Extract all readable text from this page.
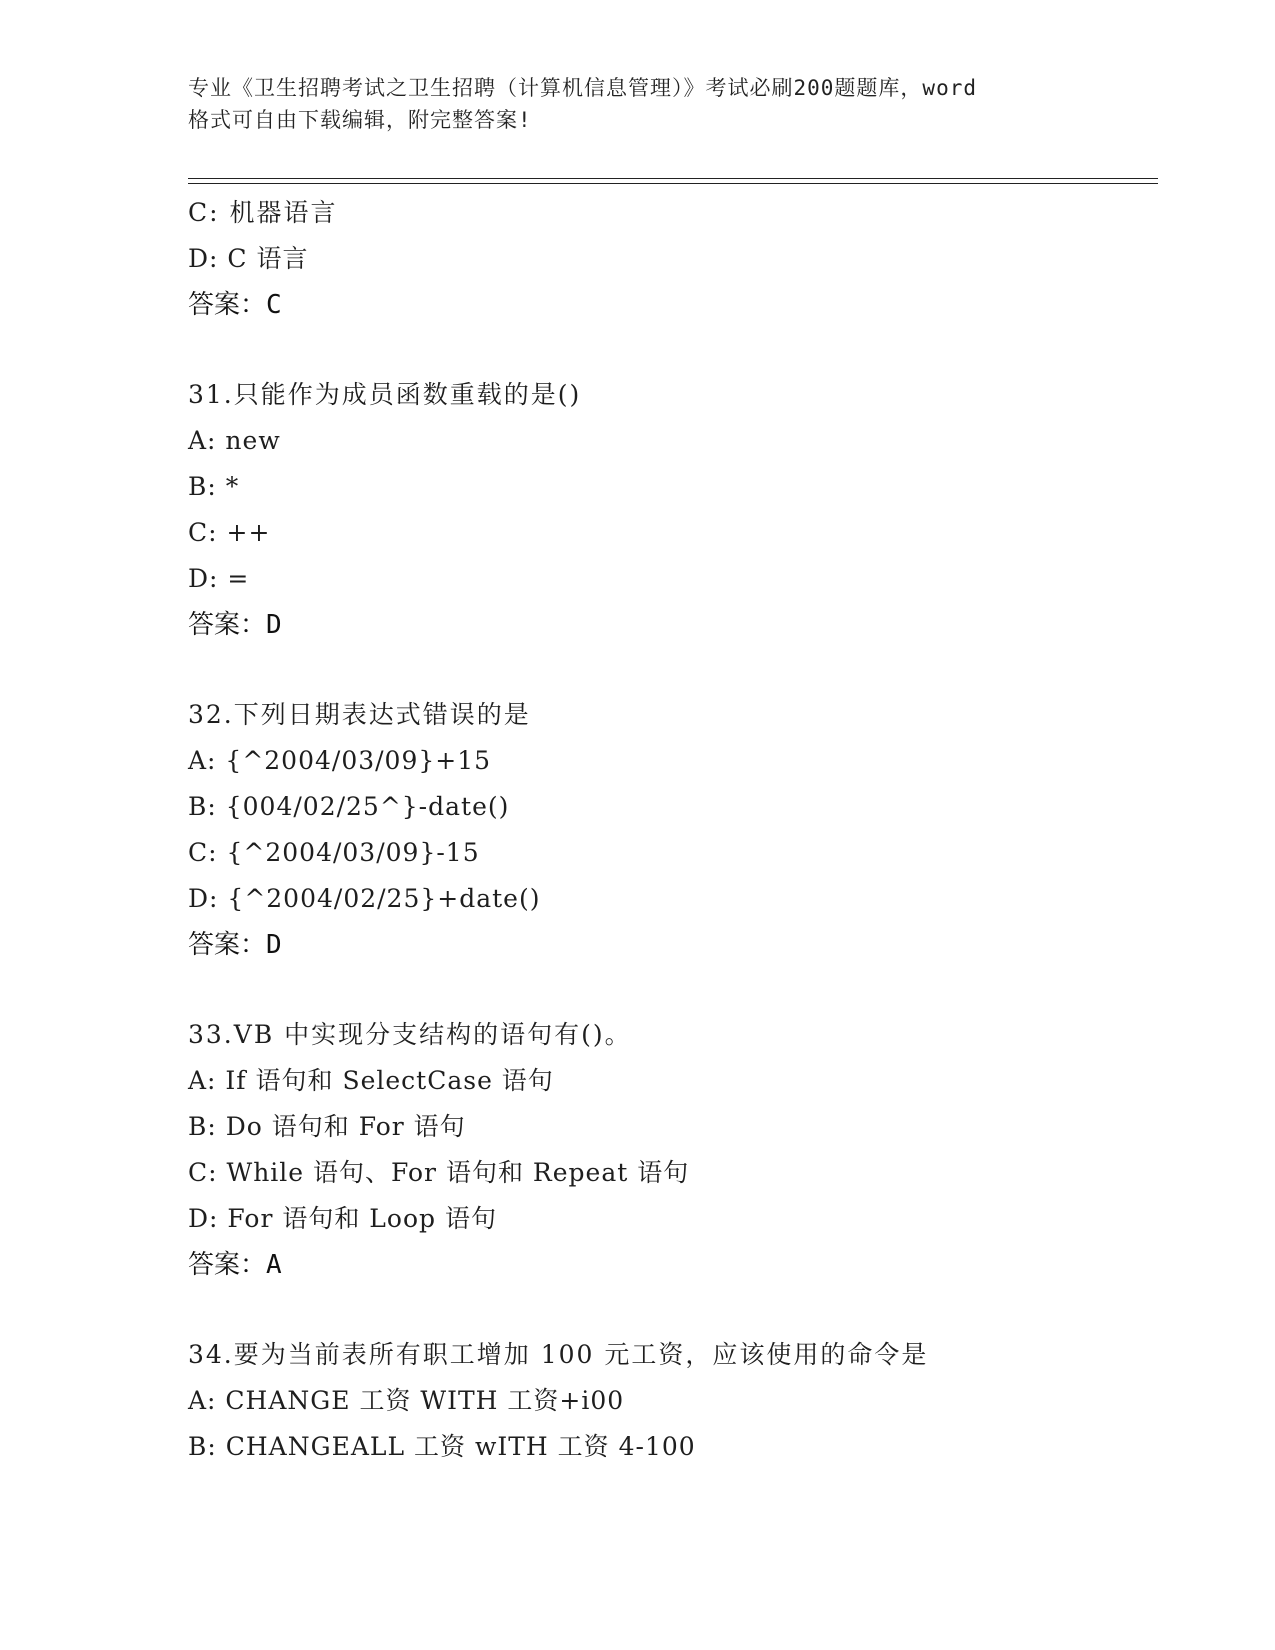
专业《卫生招聘考试之卫生招聘（计算机信息管理）》考试必刷200题题库，word
格式可自由下载编辑，附完整答案!
C: 机器语言
D: C 语言
答案：C
31.只能作为成员函数重载的是()
A: new
B: *
C: ++
D: =
答案：D
32.下列日期表达式错误的是
A: {^2004/03/09}+15
B: {004/02/25^}-date()
C: {^2004/03/09}-15
D: {^2004/02/25}+date()
答案：D
33.VB 中实现分支结构的语句有()。
A: If 语句和 SelectCase 语句
B: Do 语句和 For 语句
C: While 语句、For 语句和 Repeat 语句
D: For 语句和 Loop 语句
答案：A
34.要为当前表所有职工增加 100 元工资，应该使用的命令是
A: CHANGE 工资 WITH 工资+i00
B: CHANGEALL 工资 wITH 工资 4-100
